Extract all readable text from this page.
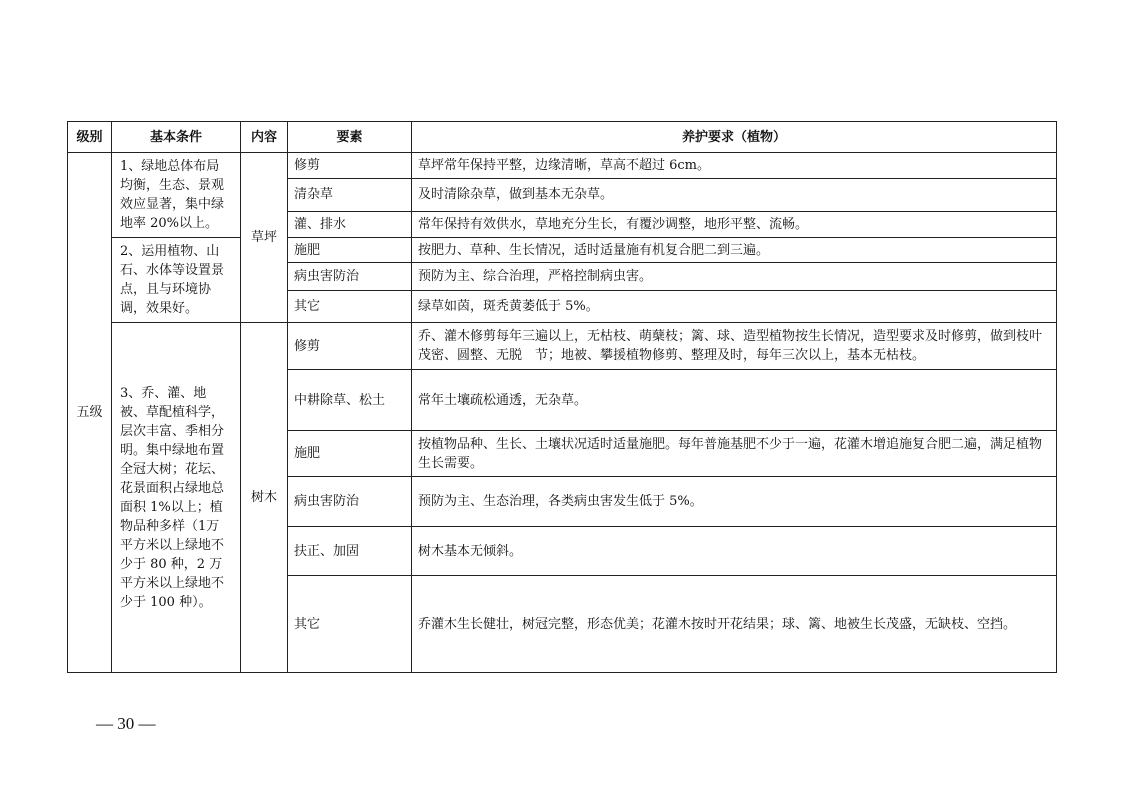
级别	基本条件	内容	要素	养护要求（植物）
五级	1、绿地总体布局均衡，生态、景观效应显著，集中绿地率 20%以上。	草坪	修剪	草坪常年保持平整，边缘清晰，草高不超过 6cm。
			清杂草	及时清除杂草，做到基本无杂草。
			灌、排水	常年保持有效供水，草地充分生长，有覆沙调整，地形平整、流畅。
	2、运用植物、山石、水体等设置景点，且与环境协调，效果好。		施肥	按肥力、草种、生长情况，适时适量施有机复合肥二到三遍。
			病虫害防治	预防为主、综合治理，严格控制病虫害。
			其它	绿草如茵，斑秃黄萎低于 5%。
	3、乔、灌、地被、草配植科学，层次丰富、季相分明。集中绿地布置全冠大树；花坛、花景面积占绿地总面积 1%以上；植物品种多样（1万平方米以上绿地不少于 80 种，2 万平方米以上绿地不少于 100 种）。	树木	修剪	乔、灌木修剪每年三遍以上，无枯枝、萌蘖枝；篱、球、造型植物按生长情况，造型要求及时修剪，做到枝叶茂密、圆整、无脱　节；地被、攀援植物修剪、整理及时，每年三次以上，基本无枯枝。
			中耕除草、松土	常年土壤疏松通透，无杂草。
			施肥	按植物品种、生长、土壤状况适时适量施肥。每年普施基肥不少于一遍，花灌木增追施复合肥二遍，满足植物生长需要。
			病虫害防治	预防为主、生态治理，各类病虫害发生低于 5%。
			扶正、加固	树木基本无倾斜。
			其它	乔灌木生长健壮，树冠完整，形态优美；花灌木按时开花结果；球、篱、地被生长茂盛，无缺枝、空挡。
— 30 —
